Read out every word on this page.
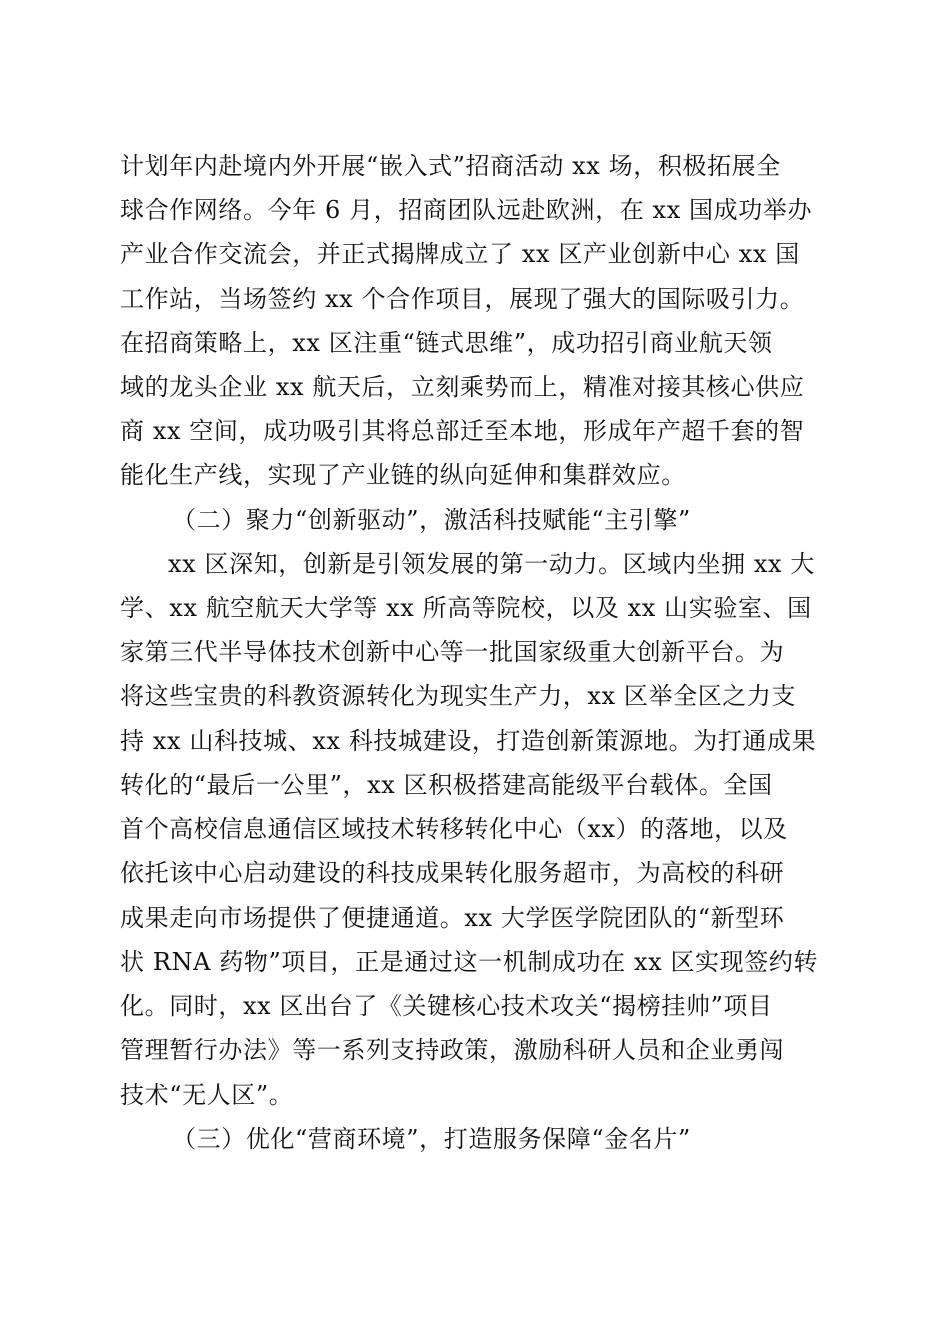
计划年内赴境内外开展“嵌入式”招商活动 xx 场，积极拓展全
球合作网络。今年 6 月，招商团队远赴欧洲，在 xx 国成功举办
产业合作交流会，并正式揭牌成立了 xx 区产业创新中心 xx 国
工作站，当场签约 xx 个合作项目，展现了强大的国际吸引力。
在招商策略上，xx 区注重“链式思维”，成功招引商业航天领
域的龙头企业 xx 航天后，立刻乘势而上，精准对接其核心供应
商 xx 空间，成功吸引其将总部迁至本地，形成年产超千套的智
能化生产线，实现了产业链的纵向延伸和集群效应。
（二）聚力“创新驱动”，激活科技赋能“主引擎”
xx 区深知，创新是引领发展的第一动力。区域内坐拥 xx 大
学、xx 航空航天大学等 xx 所高等院校，以及 xx 山实验室、国
家第三代半导体技术创新中心等一批国家级重大创新平台。为
将这些宝贵的科教资源转化为现实生产力，xx 区举全区之力支
持 xx 山科技城、xx 科技城建设，打造创新策源地。为打通成果
转化的“最后一公里”，xx 区积极搭建高能级平台载体。全国
首个高校信息通信区域技术转移转化中心（xx）的落地，以及
依托该中心启动建设的科技成果转化服务超市，为高校的科研
成果走向市场提供了便捷通道。xx 大学医学院团队的“新型环
状 RNA 药物”项目，正是通过这一机制成功在 xx 区实现签约转
化。同时，xx 区出台了《关键核心技术攻关“揭榜挂帅”项目
管理暂行办法》等一系列支持政策，激励科研人员和企业勇闯
技术“无人区”。
（三）优化“营商环境”，打造服务保障“金名片”
